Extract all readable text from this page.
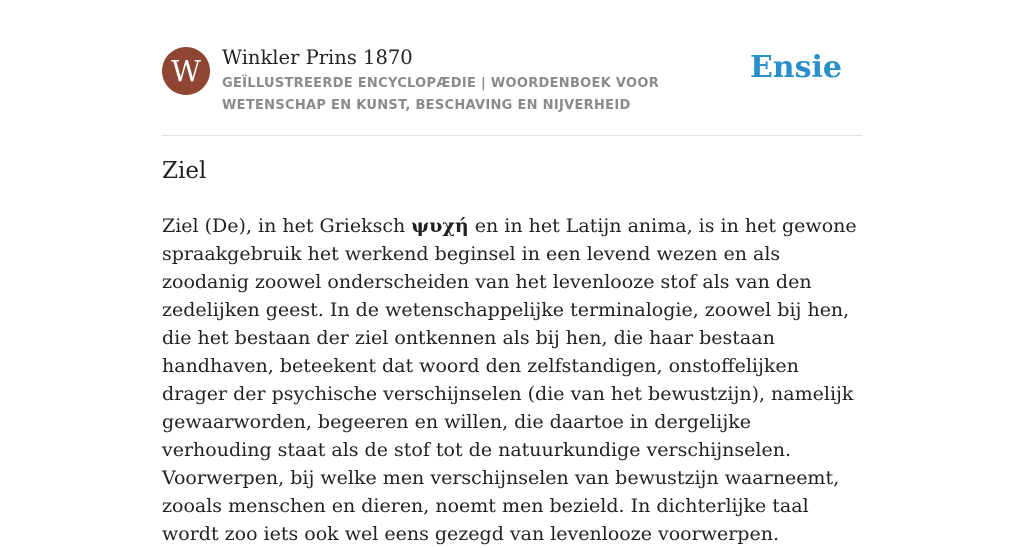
W	Winkler Prins 1870
GEÏLLUSTREERDE ENCYCLOPÆDIE | WOORDENBOEK VOOR WETENSCHAP EN KUNST, BESCHAVING EN NIJVERHEID
Ensie
Ziel

Ziel (De), in het Grieksch ψυχή en in het Latijn anima, is in het gewone spraakgebruik het werkend beginsel in een levend wezen en als zoodanig zoowel onderscheiden van het levenlooze stof als van den zedelijken geest. In de wetenschappelijke terminalogie, zoowel bij hen, die het bestaan der ziel ontkennen als bij hen, die haar bestaan handhaven, beteekent dat woord den zelfstandigen, onstoffelijken drager der psychische verschijnselen (die van het bewustzijn), namelijk gewaarworden, begeeren en willen, die daartoe in dergelijke verhouding staat als de stof tot de natuurkundige verschijnselen. Voorwerpen, bij welke men verschijnselen van bewustzijn waarneemt, zooals menschen en dieren, noemt men bezield. In dichterlijke taal wordt zoo iets ook wel eens gezegd van levenlooze voorwerpen.
